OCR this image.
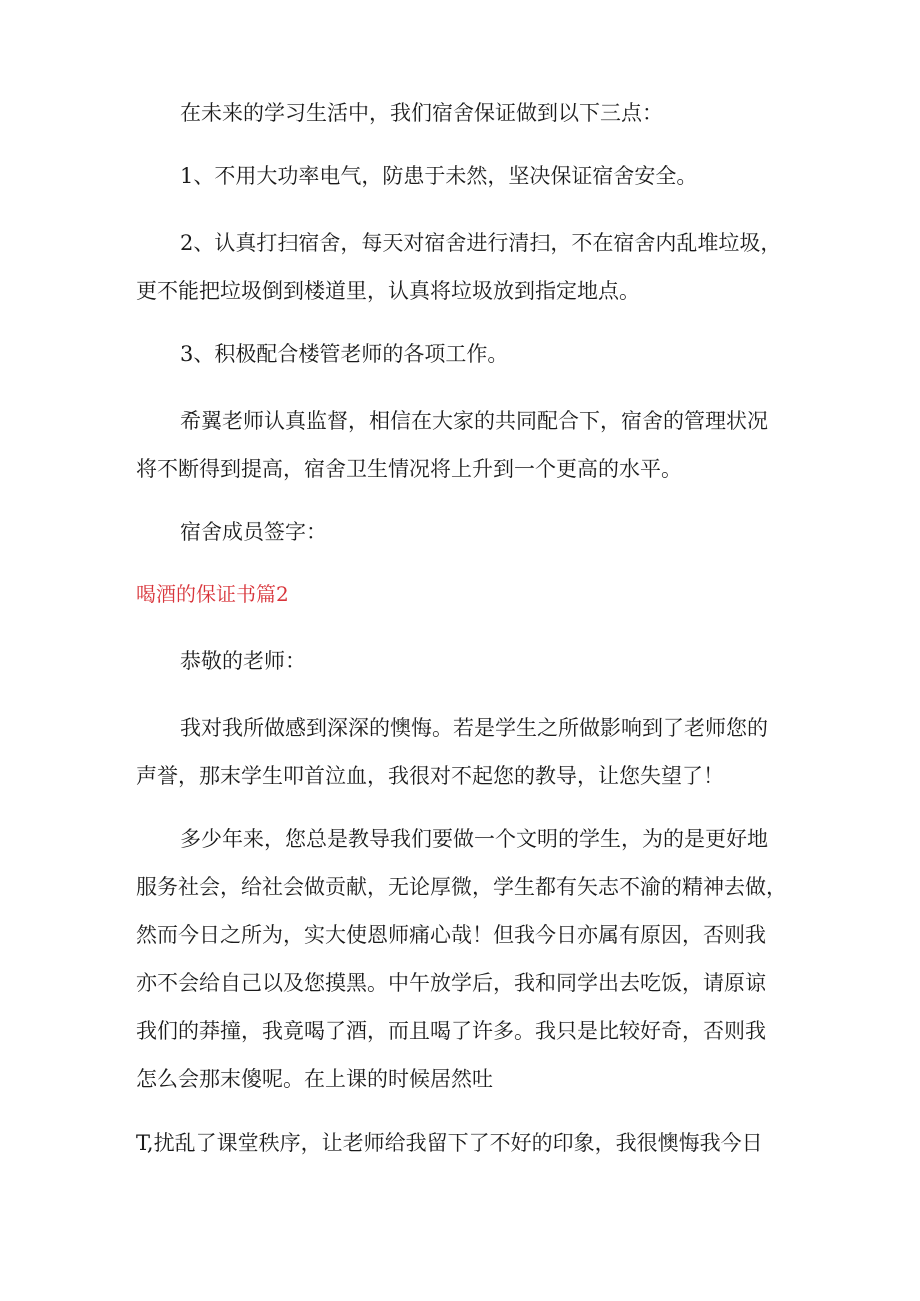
在未来的学习生活中，我们宿舍保证做到以下三点：

1、不用大功率电气，防患于未然，坚决保证宿舍安全。

2、认真打扫宿舍，每天对宿舍进行清扫，不在宿舍内乱堆垃圾，

更不能把垃圾倒到楼道里，认真将垃圾放到指定地点。

3、积极配合楼管老师的各项工作。

希翼老师认真监督，相信在大家的共同配合下，宿舍的管理状况

将不断得到提高，宿舍卫生情况将上升到一个更高的水平。

宿舍成员签字：

喝酒的保证书篇2

恭敬的老师：

我对我所做感到深深的懊悔。若是学生之所做影响到了老师您的

声誉，那末学生叩首泣血，我很对不起您的教导，让您失望了！

多少年来，您总是教导我们要做一个文明的学生，为的是更好地

服务社会，给社会做贡献，无论厚微，学生都有矢志不渝的精神去做，

然而今日之所为，实大使恩师痛心哉！但我今日亦属有原因，否则我

亦不会给自己以及您摸黑。中午放学后，我和同学出去吃饭，请原谅

我们的莽撞，我竟喝了酒，而且喝了许多。我只是比较好奇，否则我

怎么会那末傻呢。在上课的时候居然吐

T,扰乱了课堂秩序，让老师给我留下了不好的印象，我很懊悔我今日
